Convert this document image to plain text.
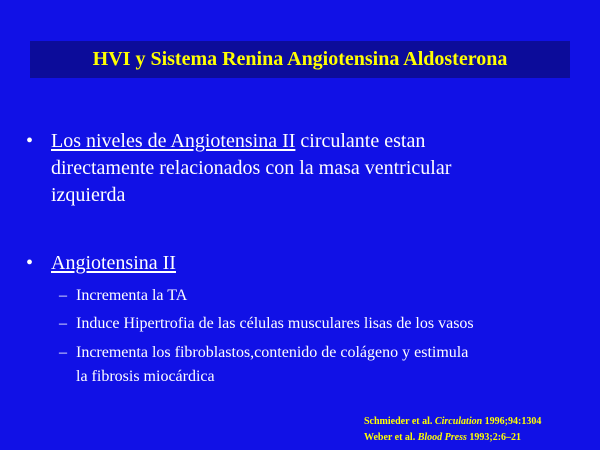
HVI y Sistema Renina Angiotensina Aldosterona
• Los niveles de Angiotensina II circulante estan
directamente relacionados con la masa ventricular
izquierda
• Angiotensina II
– Incrementa la TA
– Induce Hipertrofia de las células musculares lisas de los vasos
– Incrementa los fibroblastos,contenido de colágeno y estimula
la fibrosis miocárdica
Schmieder et al. Circulation 1996;94:1304
Weber et al. Blood Press 1993;2:6–21
